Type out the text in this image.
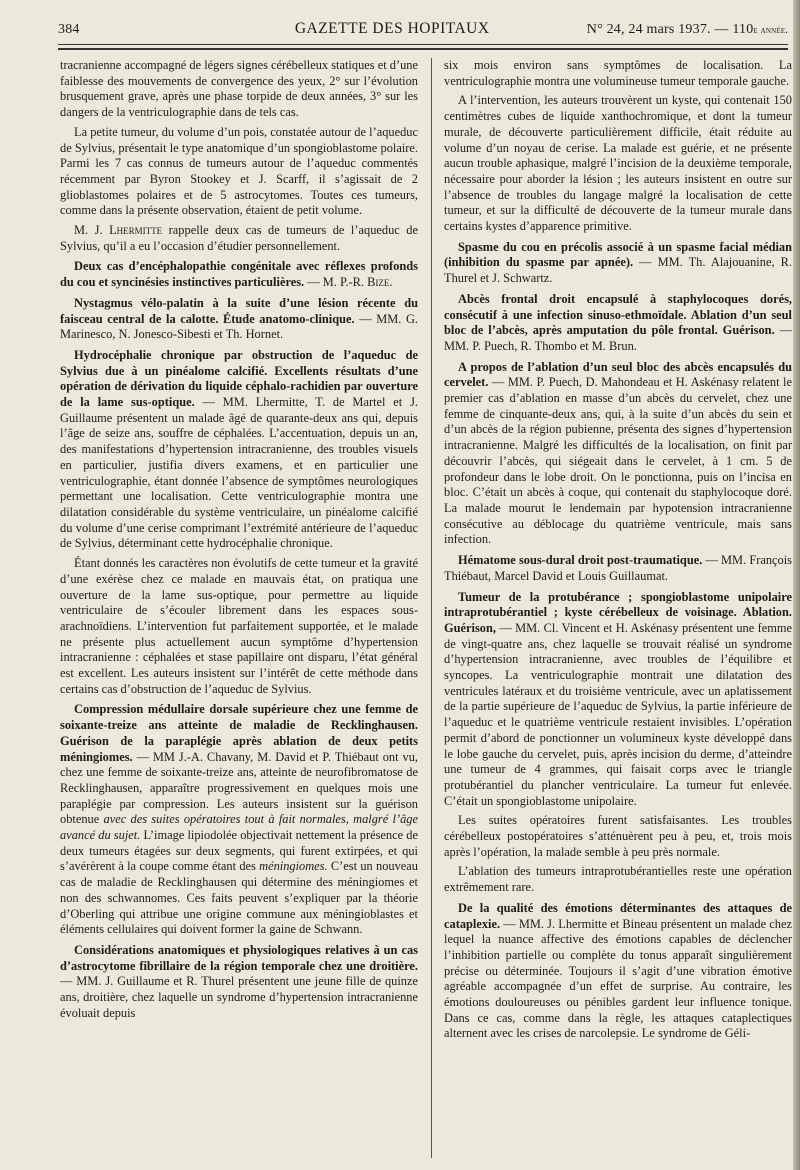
384	GAZETTE DES HOPITAUX	N° 24, 24 mars 1937. — 110e année.

tracranienne accompagné de légers signes cérébelleux statiques et d’une faiblesse des mouvements de convergence des yeux, 2° sur l’évolution brusquement grave, après une phase torpide de deux années, 3° sur les dangers de la ventriculographie dans de tels cas.

La petite tumeur, du volume d’un pois, constatée autour de l’aqueduc de Sylvius, présentait le type anatomique d’un spongioblastome polaire. Parmi les 7 cas connus de tumeurs autour de l’aqueduc commentés récemment par Byron Stookey et J. Scarff, il s’agissait de 2 glioblastomes polaires et de 5 astrocytomes. Toutes ces tumeurs, comme dans la présente observation, étaient de petit volume.

M. J. Lhermitte rappelle deux cas de tumeurs de l’aqueduc de Sylvius, qu’il a eu l’occasion d’étudier personnellement.

Deux cas d’encéphalopathie congénitale avec réflexes profonds du cou et syncinésies instinctives particulières. — M. P.-R. Bize.

Nystagmus vélo-palatin à la suite d’une lésion récente du faisceau central de la calotte. Étude anatomo-clinique. — MM. G. Marinesco, N. Jonesco-Sibesti et Th. Hornet.

Hydrocéphalie chronique par obstruction de l’aqueduc de Sylvius due à un pinéalome calcifié. Excellents résultats d’une opération de dérivation du liquide céphalo-rachidien par ouverture de la lame sus-optique. — MM. Lhermitte, T. de Martel et J. Guillaume présentent un malade âgé de quarante-deux ans qui, depuis l’âge de seize ans, souffre de céphalées. L’accentuation, depuis un an, des manifestations d’hypertension intracranienne, des troubles visuels en particulier, justifia divers examens, et en particulier une ventriculographie, étant donnée l’absence de symptômes neurologiques permettant une localisation. Cette ventriculographie montra une dilatation considérable du système ventriculaire, un pinéalome calcifié du volume d’une cerise comprimant l’extrémité antérieure de l’aqueduc de Sylvius, déterminant cette hydrocéphalie chronique.

Étant donnés les caractères non évolutifs de cette tumeur et la gravité d’une exérèse chez ce malade en mauvais état, on pratiqua une ouverture de la lame sus-optique, pour permettre au liquide ventriculaire de s’écouler librement dans les espaces sous-arachnoïdiens. L’intervention fut parfaitement supportée, et le malade ne présente plus actuellement aucun symptôme d’hypertension intracranienne : céphalées et stase papillaire ont disparu, l’état général est excellent. Les auteurs insistent sur l’intérêt de cette méthode dans certains cas d’obstruction de l’aqueduc de Sylvius.

Compression médullaire dorsale supérieure chez une femme de soixante-treize ans atteinte de maladie de Recklinghausen. Guérison de la paraplégie après ablation de deux petits méningiomes. — MM J.-A. Chavany, M. David et P. Thiébaut ont vu, chez une femme de soixante-treize ans, atteinte de neurofibromatose de Recklinghausen, apparaître progressivement en quelques mois une paraplégie par compression. Les auteurs insistent sur la guérison obtenue avec des suites opératoires tout à fait normales, malgré l’âge avancé du sujet. L’image lipiodolée objectivait nettement la présence de deux tumeurs étagées sur deux segments, qui furent extirpées, et qui s’avérèrent à la coupe comme étant des méningiomes. C’est un nouveau cas de maladie de Recklinghausen qui détermine des méningiomes et non des schwannomes. Ces faits peuvent s’expliquer par la théorie d’Oberling qui attribue une origine commune aux méningioblastes et éléments cellulaires qui doivent former la gaine de Schwann.

Considérations anatomiques et physiologiques relatives à un cas d’astrocytome fibrillaire de la région temporale chez une droitière. — MM. J. Guillaume et R. Thurel présentent une jeune fille de quinze ans, droitière, chez laquelle un syndrome d’hypertension intracranienne évoluait depuis

six mois environ sans symptômes de localisation. La ventriculographie montra une volumineuse tumeur temporale gauche.

A l’intervention, les auteurs trouvèrent un kyste, qui contenait 150 centimètres cubes de liquide xanthochromique, et dont la tumeur murale, de découverte particulièrement difficile, était réduite au volume d’un noyau de cerise. La malade est guérie, et ne présente aucun trouble aphasique, malgré l’incision de la deuxième temporale, nécessaire pour aborder la lésion ; les auteurs insistent en outre sur l’absence de troubles du langage malgré la localisation de cette tumeur, et sur la difficulté de découverte de la tumeur murale dans certains kystes d’apparence primitive.

Spasme du cou en précolis associé à un spasme facial médian (inhibition du spasme par apnée). — MM. Th. Alajouanine, R. Thurel et J. Schwartz.

Abcès frontal droit encapsulé à staphylocoques dorés, consécutif à une infection sinuso-ethmoïdale. Ablation d’un seul bloc de l’abcès, après amputation du pôle frontal. Guérison. — MM. P. Puech, R. Thombo et M. Brun.

A propos de l’ablation d’un seul bloc des abcès encapsulés du cervelet. — MM. P. Puech, D. Mahondeau et H. Askénasy relatent le premier cas d’ablation en masse d’un abcès du cervelet, chez une femme de cinquante-deux ans, qui, à la suite d’un abcès du sein et d’un abcès de la région pubienne, présenta des signes d’hypertension intracranienne. Malgré les difficultés de la localisation, on finit par découvrir l’abcès, qui siégeait dans le cervelet, à 1 cm. 5 de profondeur dans le lobe droit. On le ponctionna, puis on l’incisa en bloc. C’était un abcès à coque, qui contenait du staphylocoque doré. La malade mourut le lendemain par hypotension intracranienne consécutive au déblocage du quatrième ventricule, mais sans infection.

Hématome sous-dural droit post-traumatique. — MM. François Thiébaut, Marcel David et Louis Guillaumat.

Tumeur de la protubérance ; spongioblastome unipolaire intraprotubérantiel ; kyste cérébelleux de voisinage. Ablation. Guérison, — MM. Cl. Vincent et H. Askénasy présentent une femme de vingt-quatre ans, chez laquelle se trouvait réalisé un syndrome d’hypertension intracranienne, avec troubles de l’équilibre et syncopes. La ventriculographie montrait une dilatation des ventricules latéraux et du troisième ventricule, avec un aplatissement de la partie supérieure de l’aqueduc de Sylvius, la partie inférieure de l’aqueduc et le quatrième ventricule restaient invisibles. L’opération permit d’abord de ponctionner un volumineux kyste développé dans le lobe gauche du cervelet, puis, après incision du derme, d’atteindre une tumeur de 4 grammes, qui faisait corps avec le triangle protubérantiel du plancher ventriculaire. La tumeur fut enlevée. C’était un spongioblastome unipolaire.

Les suites opératoires furent satisfaisantes. Les troubles cérébelleux postopératoires s’atténuèrent peu à peu, et, trois mois après l’opération, la malade semble à peu près normale.

L’ablation des tumeurs intraprotubérantielles reste une opération extrêmement rare.

De la qualité des émotions déterminantes des attaques de cataplexie. — MM. J. Lhermitte et Bineau présentent un malade chez lequel la nuance affective des émotions capables de déclencher l’inhibition partielle ou complète du tonus apparaît singulièrement précise ou déterminée. Toujours il s’agit d’une vibration émotive agréable accompagnée d’un effet de surprise. Au contraire, les émotions douloureuses ou pénibles gardent leur influence tonique. Dans ce cas, comme dans la règle, les attaques cataplectiques alternent avec les crises de narcolepsie. Le syndrome de Géli-
